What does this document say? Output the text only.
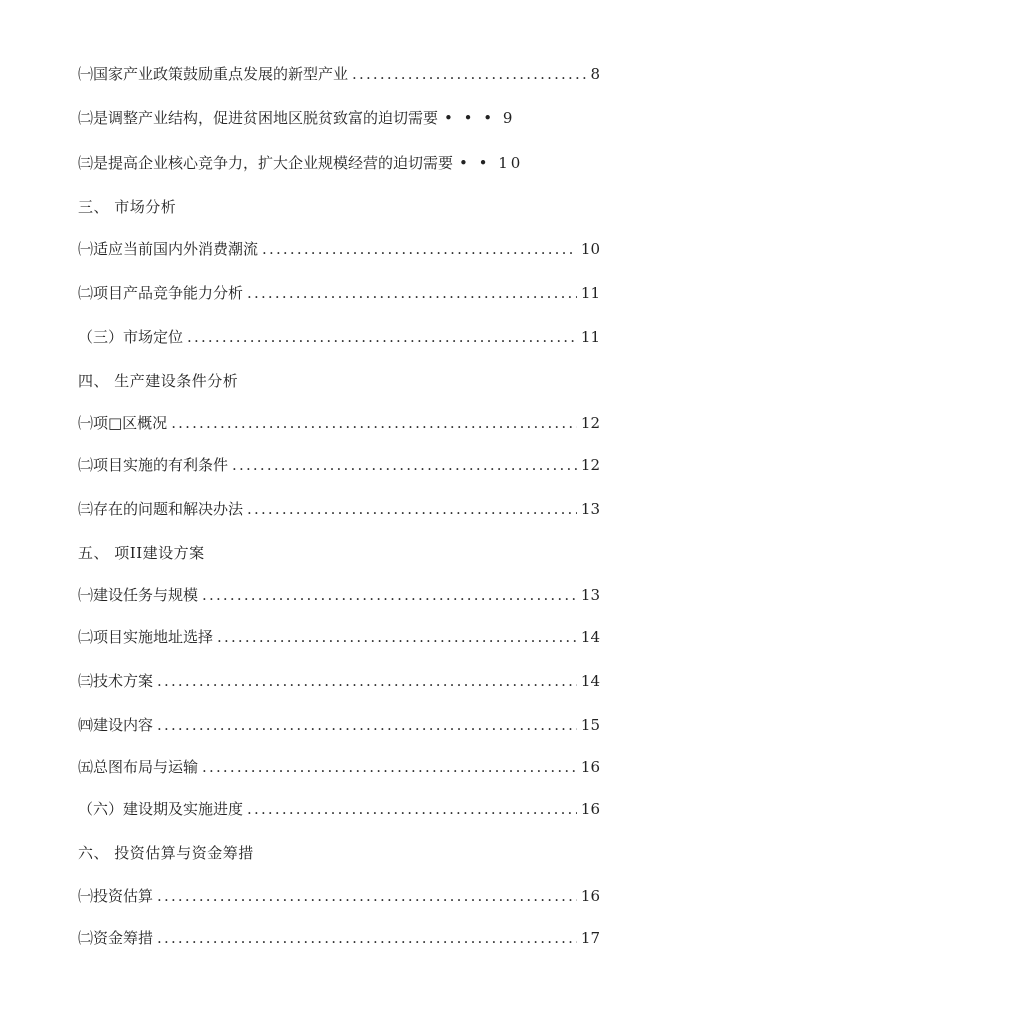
㈠国家产业政策鼓励重点发展的新型产业 .....	8
㈡是调整产业结构，促进贫困地区脱贫致富的迫切需要 • • • 9
㈢是提高企业核心竞争力，扩大企业规模经营的迫切需要 • • 10
三、 市场分析
㈠适应当前国内外消费潮流 .....	10
㈡项目产品竞争能力分析 .....	11
（三）市场定位 .....	11
四、 生产建设条件分析
㈠项□区概况 .....	12
㈡项目实施的有利条件 .....	12
㈢存在的问题和解决办法 .....	13
五、 项II建设方案
㈠建设任务与规模 .....	13
㈡项目实施地址选择 .....	14
㈢技术方案 .....	14
㈣建设内容 .....	15
㈤总图布局与运输 .....	16
（六）建设期及实施进度 .....	16
六、 投资估算与资金筹措
㈠投资估算 .....	16
㈡资金筹措 .....	17
